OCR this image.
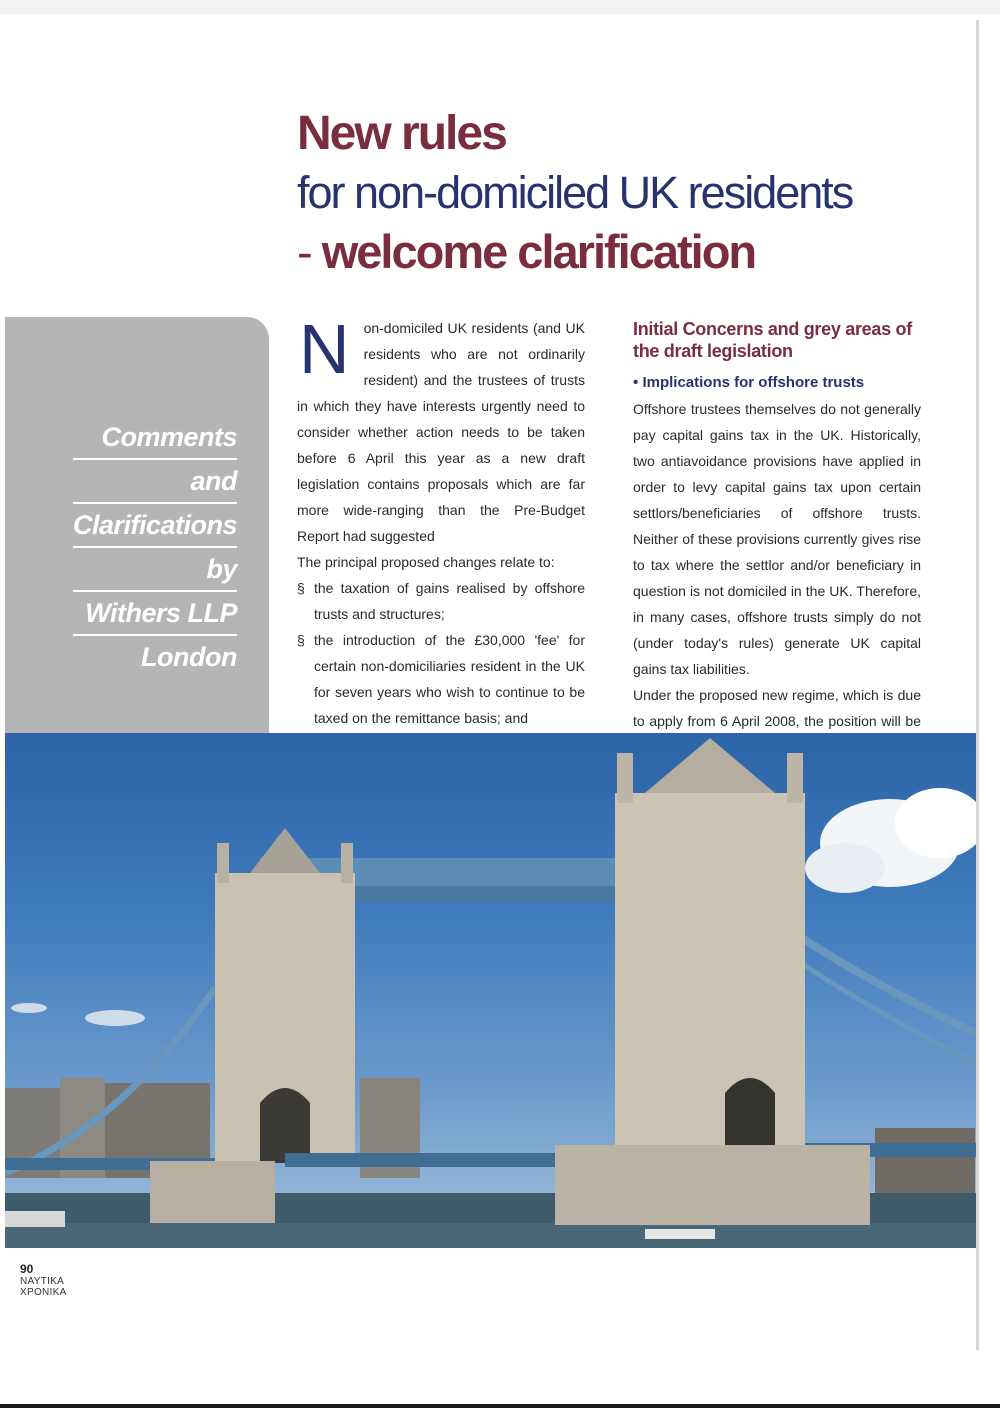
New rules
for non-domiciled UK residents
- welcome clarification
Comments
and
Clarifications
by
Withers LLP
London

N on-domiciled UK residents (and UK residents who are not ordinarily resident) and the trustees of trusts in which they have interests urgently need to consider whether action needs to be taken before 6 April this year as a new draft legislation contains proposals which are far more wide-ranging than the Pre-Budget Report had suggested

The principal proposed changes relate to:

§ the taxation of gains realised by offshore trusts and structures;
§ the introduction of the £30,000 'fee' for certain non-domiciliaries resident in the UK for seven years who wish to continue to be taxed on the remittance basis; and
§
Initial Concerns and grey areas of the draft legislation
• Implications for offshore trusts

Offshore trustees themselves do not generally pay capital gains tax in the UK. Historically, two antiavoidance provisions have applied in order to levy capital gains tax upon certain settlors/beneficiaries of offshore trusts. Neither of these provisions currently gives rise to tax where the settlor and/or beneficiary in question is not domiciled in the UK. Therefore, in many cases, offshore trusts simply do not (under today's rules) generate UK capital gains tax liabilities.

Under the proposed new regime, which is due to apply from 6 April 2008, the position will be

90
ΝΑΥΤΙΚΑ
ΧΡΟΝΙΚΑ
